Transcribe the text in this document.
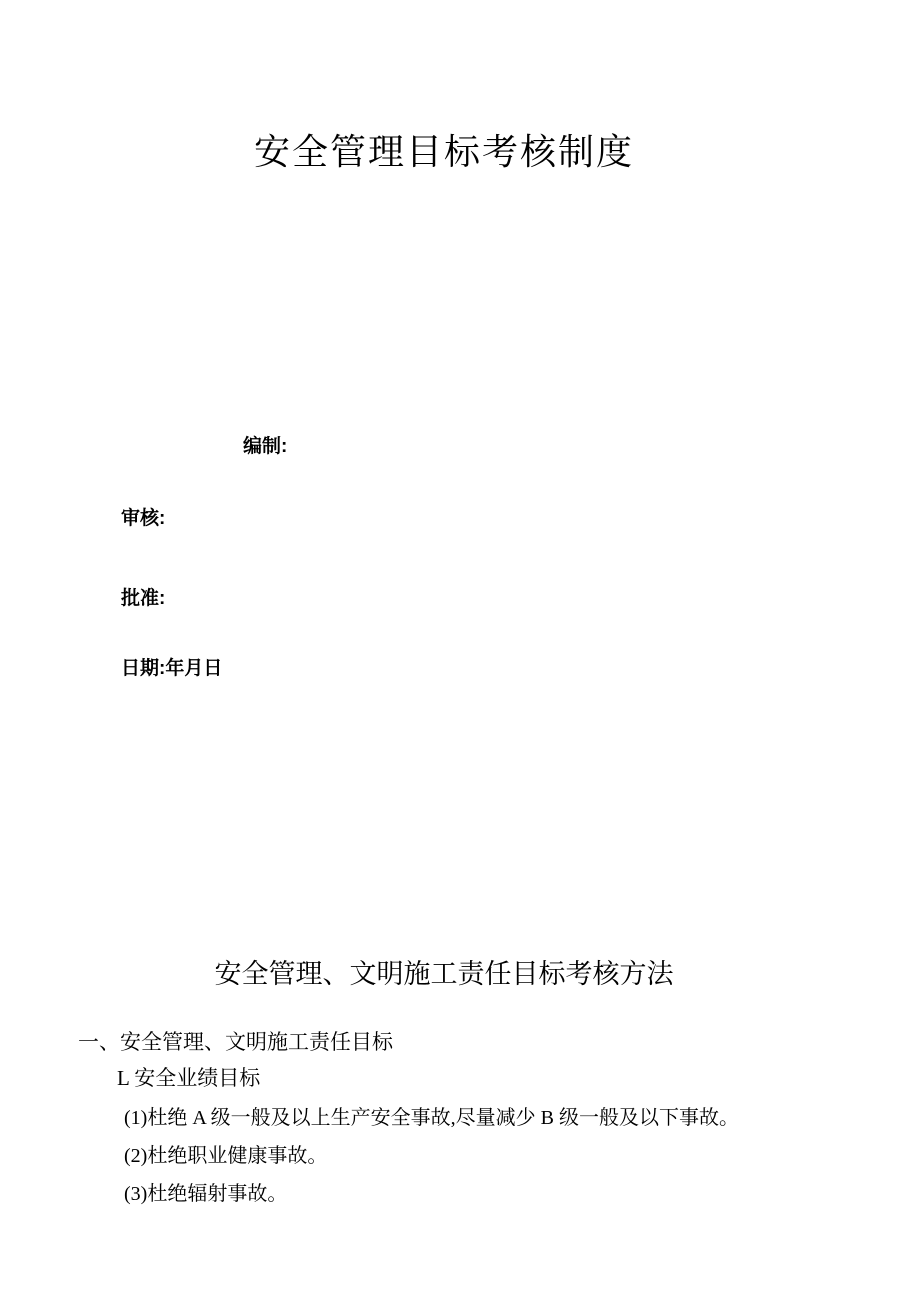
安全管理目标考核制度
编制:
审核:
批准:
日期:年月日
安全管理、文明施工责任目标考核方法
一、安全管理、文明施工责任目标
L 安全业绩目标
(1)杜绝 A 级一般及以上生产安全事故,尽量减少 B 级一般及以下事故。
(2)杜绝职业健康事故。
(3)杜绝辐射事故。
